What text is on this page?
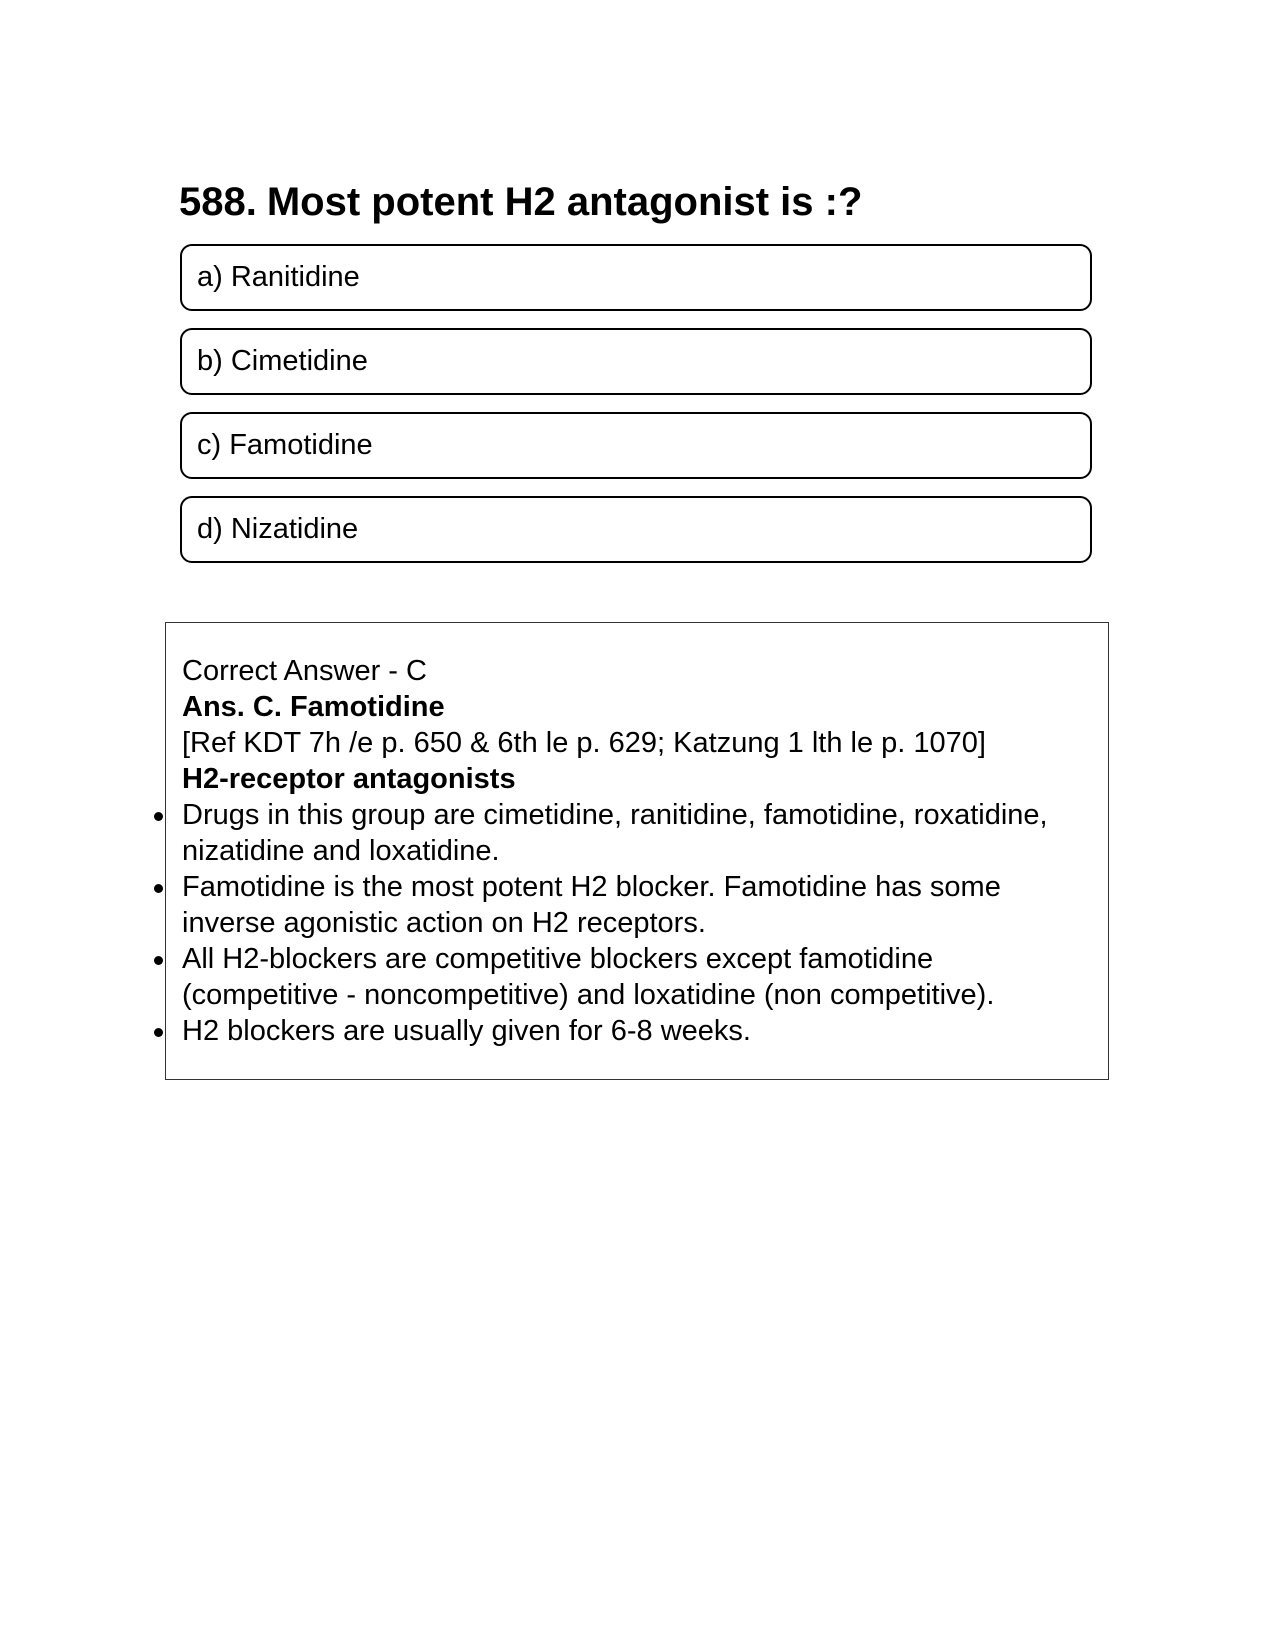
588. Most potent H2 antagonist is :?
a) Ranitidine
b) Cimetidine
c) Famotidine
d) Nizatidine
Correct Answer - C
Ans. C. Famotidine
[Ref KDT 7h /e p. 650 & 6th le p. 629; Katzung 1 lth le p. 1070]
H2-receptor antagonists
Drugs in this group are cimetidine, ranitidine, famotidine, roxatidine, nizatidine and loxatidine.
Famotidine is the most potent H2 blocker. Famotidine has some inverse agonistic action on H2 receptors.
All H2-blockers are competitive blockers except famotidine (competitive - noncompetitive) and loxatidine (non competitive).
H2 blockers are usually given for 6-8 weeks.
